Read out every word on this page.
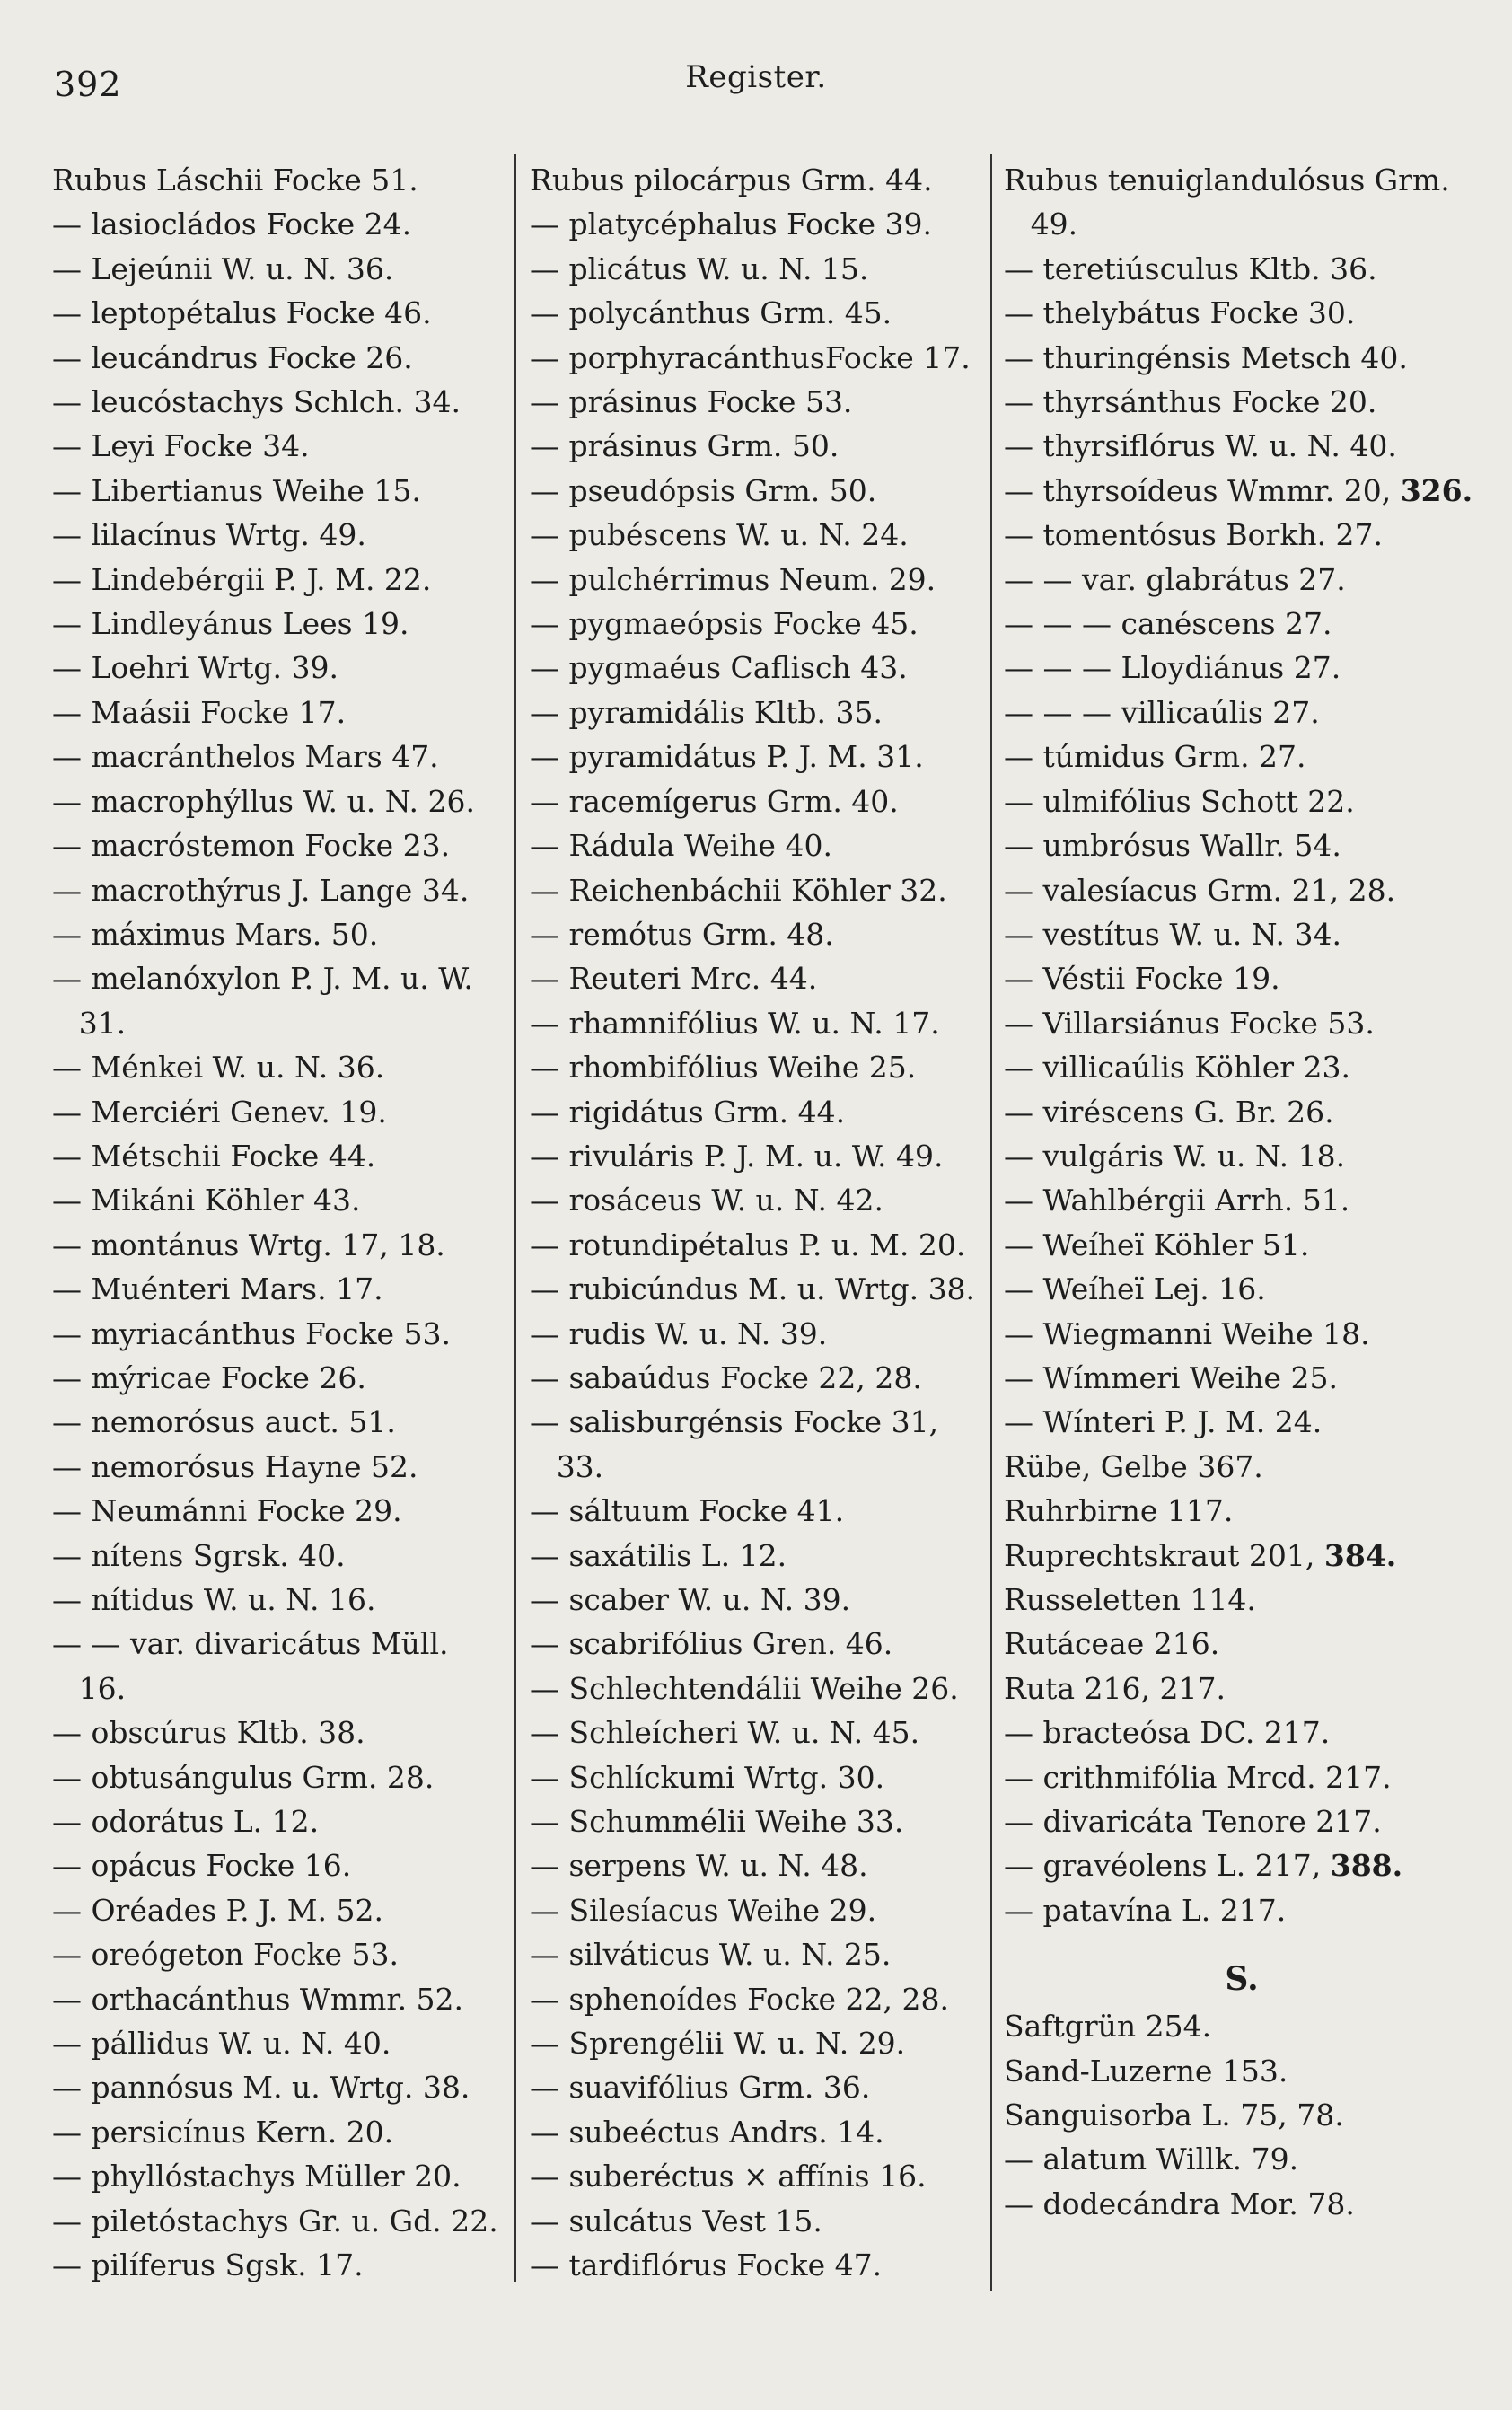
392	Register.
Rubus Láschii Focke 51.
— lasiocládos Focke 24.
— Lejeúnii W. u. N. 36.
— leptopétalus Focke 46.
— leucándrus Focke 26.
— leucóstachys Schlch. 34.
— Leyi Focke 34.
— Libertianus Weihe 15.
— lilacínus Wrtg. 49.
— Lindebérgii P. J. M. 22.
— Lindleyánus Lees 19.
— Loehri Wrtg. 39.
— Maásii Focke 17.
— macránthelos Mars 47.
— macrophýllus W. u. N. 26.
— macróstemon Focke 23.
— macrothýrus J. Lange 34.
— máximus Mars. 50.
— melanóxylon P. J. M. u. W. 31.
— Ménkei W. u. N. 36.
— Merciéri Genev. 19.
— Métschii Focke 44.
— Mikáni Köhler 43.
— montánus Wrtg. 17, 18.
— Muénteri Mars. 17.
— myriacánthus Focke 53.
— mýricae Focke 26.
— nemorósus auct. 51.
— nemorósus Hayne 52.
— Neumánni Focke 29.
— nítens Sgrsk. 40.
— nítidus W. u. N. 16.
— — var. divaricátus Müll. 16.
— obscúrus Kltb. 38.
— obtusángulus Grm. 28.
— odorátus L. 12.
— opácus Focke 16.
— Oréades P. J. M. 52.
— oreógeton Focke 53.
— orthacánthus Wmmr. 52.
— pállidus W. u. N. 40.
— pannósus M. u. Wrtg. 38.
— persicínus Kern. 20.
— phyllóstachys Müller 20.
— piletóstachys Gr. u. Gd. 22.
— pilíferus Sgsk. 17.
Rubus pilocárpus Grm. 44.
— platycéphalus Focke 39.
— plicátus W. u. N. 15.
— polycánthus Grm. 45.
— porphyracánthusFocke 17.
— prásinus Focke 53.
— prásinus Grm. 50.
— pseudópsis Grm. 50.
— pubéscens W. u. N. 24.
— pulchérrimus Neum. 29.
— pygmaeópsis Focke 45.
— pygmaéus Caflisch 43.
— pyramidális Kltb. 35.
— pyramidátus P. J. M. 31.
— racemígerus Grm. 40.
— Rádula Weihe 40.
— Reichenbáchii Köhler 32.
— remótus Grm. 48.
— Reuteri Mrc. 44.
— rhamnifólius W. u. N. 17.
— rhombifólius Weihe 25.
— rigidátus Grm. 44.
— rivuláris P. J. M. u. W. 49.
— rosáceus W. u. N. 42.
— rotundipétalus P. u. M. 20.
— rubicúndus M. u. Wrtg. 38.
— rudis W. u. N. 39.
— sabaúdus Focke 22, 28.
— salisburgénsis Focke 31, 33.
— sáltuum Focke 41.
— saxátilis L. 12.
— scaber W. u. N. 39.
— scabrifólius Gren. 46.
— Schlechtendálii Weihe 26.
— Schleícheri W. u. N. 45.
— Schlíckumi Wrtg. 30.
— Schummélii Weihe 33.
— serpens W. u. N. 48.
— Silesíacus Weihe 29.
— silváticus W. u. N. 25.
— sphenoídes Focke 22, 28.
— Sprengélii W. u. N. 29.
— suavifólius Grm. 36.
— subeéctus Andrs. 14.
— suberéctus × affínis 16.
— sulcátus Vest 15.
— tardiflórus Focke 47.
Rubus tenuiglandulósus Grm. 49.
— teretiúsculus Kltb. 36.
— thelybátus Focke 30.
— thuringénsis Metsch 40.
— thyrsánthus Focke 20.
— thyrsiflórus W. u. N. 40.
— thyrsoídeus Wmmr. 20, 326.
— tomentósus Borkh. 27.
— — var. glabrátus 27.
— — — canéscens 27.
— — — Lloydiánus 27.
— — — villicaúlis 27.
— túmidus Grm. 27.
— ulmifólius Schott 22.
— umbrósus Wallr. 54.
— valesíacus Grm. 21, 28.
— vestítus W. u. N. 34.
— Véstii Focke 19.
— Villarsiánus Focke 53.
— villicaúlis Köhler 23.
— viréscens G. Br. 26.
— vulgáris W. u. N. 18.
— Wahlbérgii Arrh. 51.
— Weíheï Köhler 51.
— Weíheï Lej. 16.
— Wiegmanni Weihe 18.
— Wímmeri Weihe 25.
— Wínteri P. J. M. 24.
Rübe, Gelbe 367.
Ruhrbirne 117.
Ruprechtskraut 201, 384.
Russeletten 114.
Rutáceae 216.
Ruta 216, 217.
— bracteósa DC. 217.
— crithmifólia Mrcd. 217.
— divaricáta Tenore 217.
— gravéolens L. 217, 388.
— patavína L. 217.
S.
Saftgrün 254.
Sand-Luzerne 153.
Sanguisorba L. 75, 78.
— alatum Willk. 79.
— dodecándra Mor. 78.
